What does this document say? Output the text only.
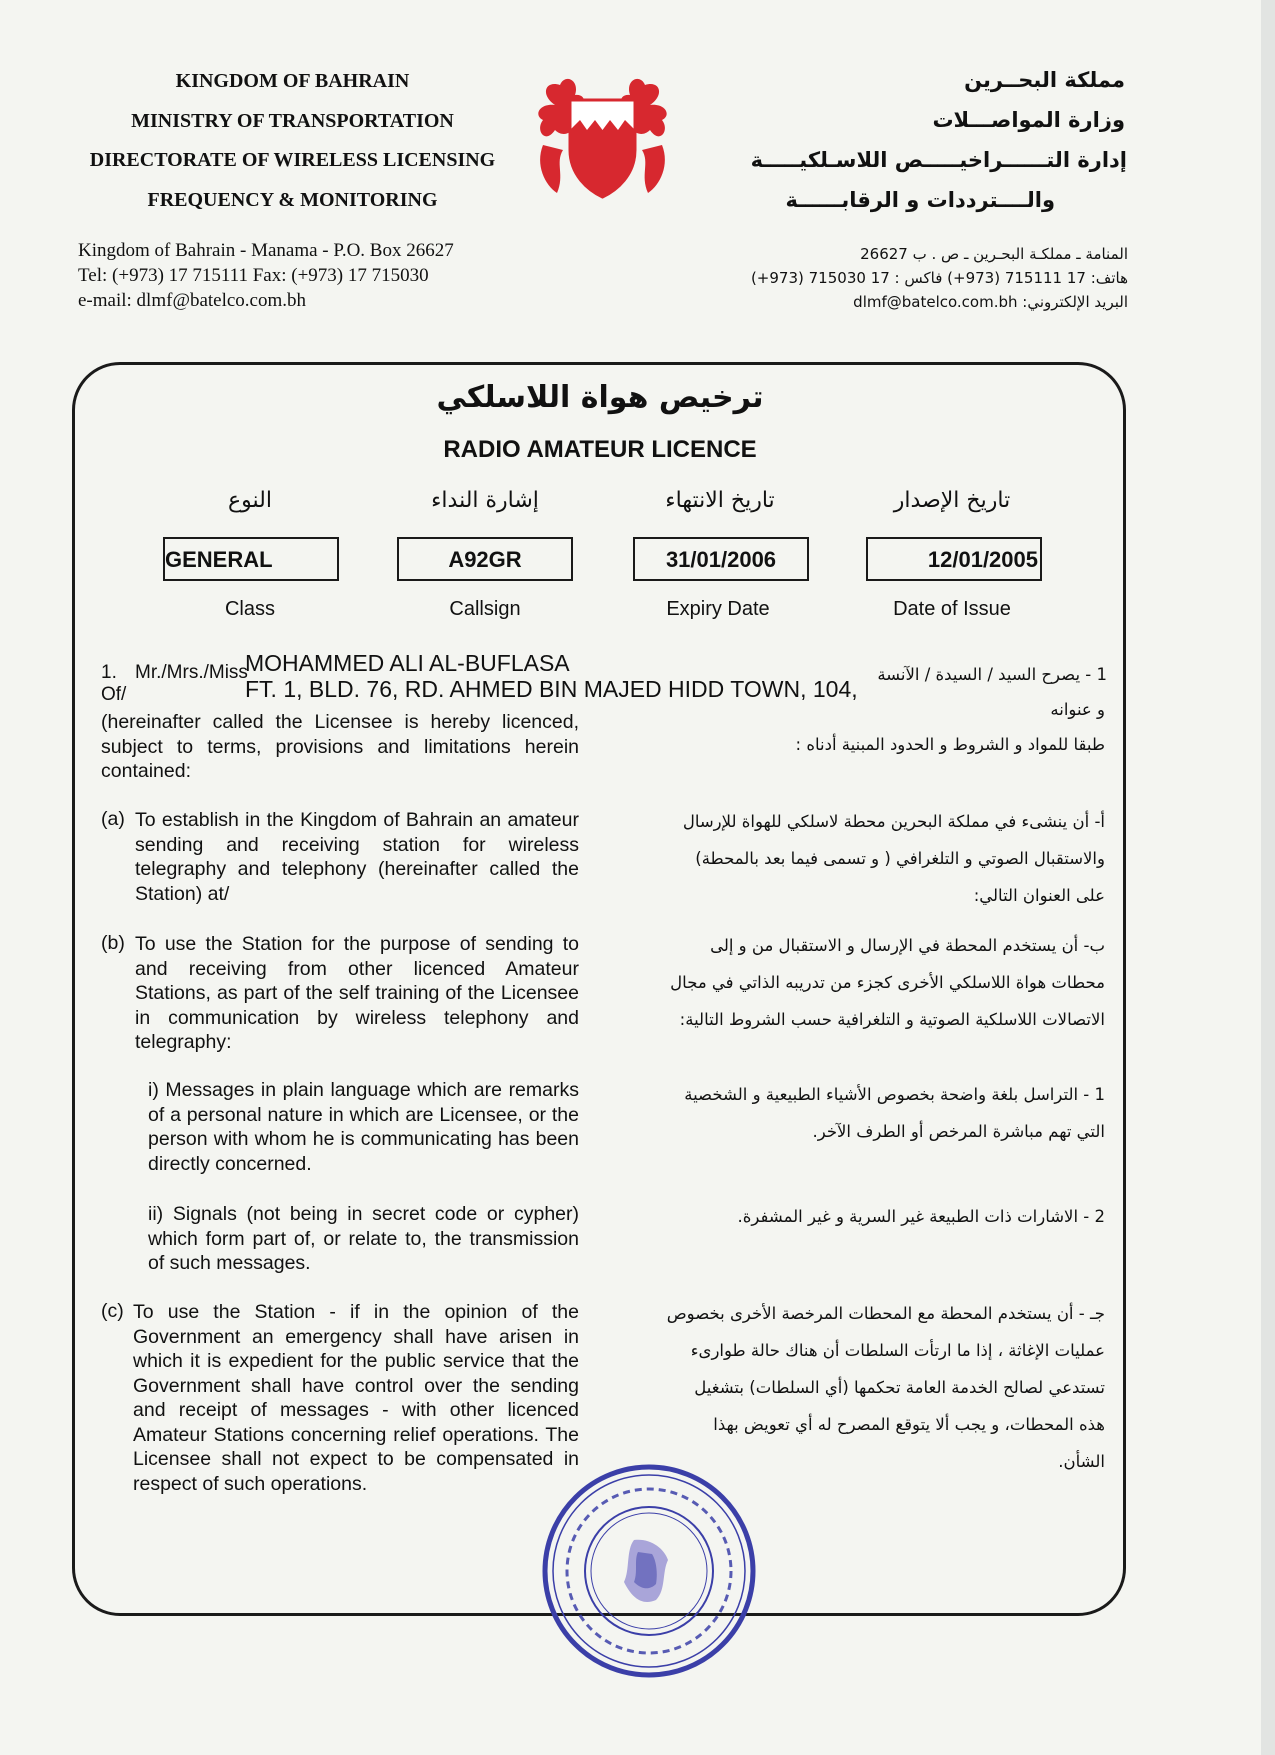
KINGDOM OF BAHRAIN
MINISTRY OF TRANSPORTATION
DIRECTORATE OF WIRELESS LICENSING
FREQUENCY & MONITORING
مملكة البحــرين
وزارة المواصـــلات
إدارة التــــــراخيـــــص اللاسـلكيـــــة
والــــترددات و الرقابــــــة
Kingdom of Bahrain - Manama - P.O. Box 26627
Tel: (+973) 17 715111 Fax: (+973) 17 715030
e-mail: dlmf@batelco.com.bh
المنامة ـ مملكـة البحـرين ـ ص . ب 26627
هاتف: 17 715111 (973+) فاكس : 17 715030 (973+)
البريد الإلكتروني: dlmf@batelco.com.bh
ترخيص هواة اللاسلكي
RADIO AMATEUR LICENCE
النوع	إشارة النداء	تاريخ الانتهاء	تاريخ الإصدار
GENERAL	A92GR	31/01/2006	12/01/2005
Class	Callsign	Expiry Date	Date of Issue
1. Mr./Mrs./Miss
MOHAMMED ALI AL-BUFLASA
Of/	FT. 1, BLD. 76, RD. AHMED BIN MAJED HIDD TOWN, 104,
(hereinafter called the Licensee is hereby licenced, subject to terms, provisions and limitations herein contained:
1 - يصرح السيد / السيدة / الآنسة
و عنوانه
طبقا للمواد و الشروط و الحدود المبنية أدناه :
(a) To establish in the Kingdom of Bahrain an amateur sending and receiving station for wireless telegraphy and telephony (hereinafter called the Station) at/
أ- أن ينشىء في مملكة البحرين محطة لاسلكي للهواة للإرسال والاستقبال الصوتي و التلغرافي ( و تسمى فيما بعد بالمحطة) على العنوان التالي:
(b) To use the Station for the purpose of sending to and receiving from other licenced Amateur Stations, as part of the self training of the Licensee in communication by wireless telephony and telegraphy:
ب- أن يستخدم المحطة في الإرسال و الاستقبال من و إلى محطات هواة اللاسلكي الأخرى كجزء من تدريبه الذاتي في مجال الاتصالات اللاسلكية الصوتية و التلغرافية حسب الشروط التالية:
i) Messages in plain language which are remarks of a personal nature in which are Licensee, or the person with whom he is communicating has been directly concerned.
1 - التراسل بلغة واضحة بخصوص الأشياء الطبيعية و الشخصية التي تهم مباشرة المرخص أو الطرف الآخر.
ii) Signals (not being in secret code or cypher) which form part of, or relate to, the transmission of such messages.
2 - الاشارات ذات الطبيعة غير السرية و غير المشفرة.
(c) To use the Station - if in the opinion of the Government an emergency shall have arisen in which it is expedient for the public service that the Government shall have control over the sending and receipt of messages - with other licenced Amateur Stations concerning relief operations. The Licensee shall not expect to be compensated in respect of such operations.
جـ - أن يستخدم المحطة مع المحطات المرخصة الأخرى بخصوص عمليات الإغاثة ، إذا ما ارتأت السلطات أن هناك حالة طوارىء تستدعي لصالح الخدمة العامة تحكمها (أي السلطات) بتشغيل هذه المحطات، و يجب ألا يتوقع المصرح له أي تعويض بهذا الشأن.
